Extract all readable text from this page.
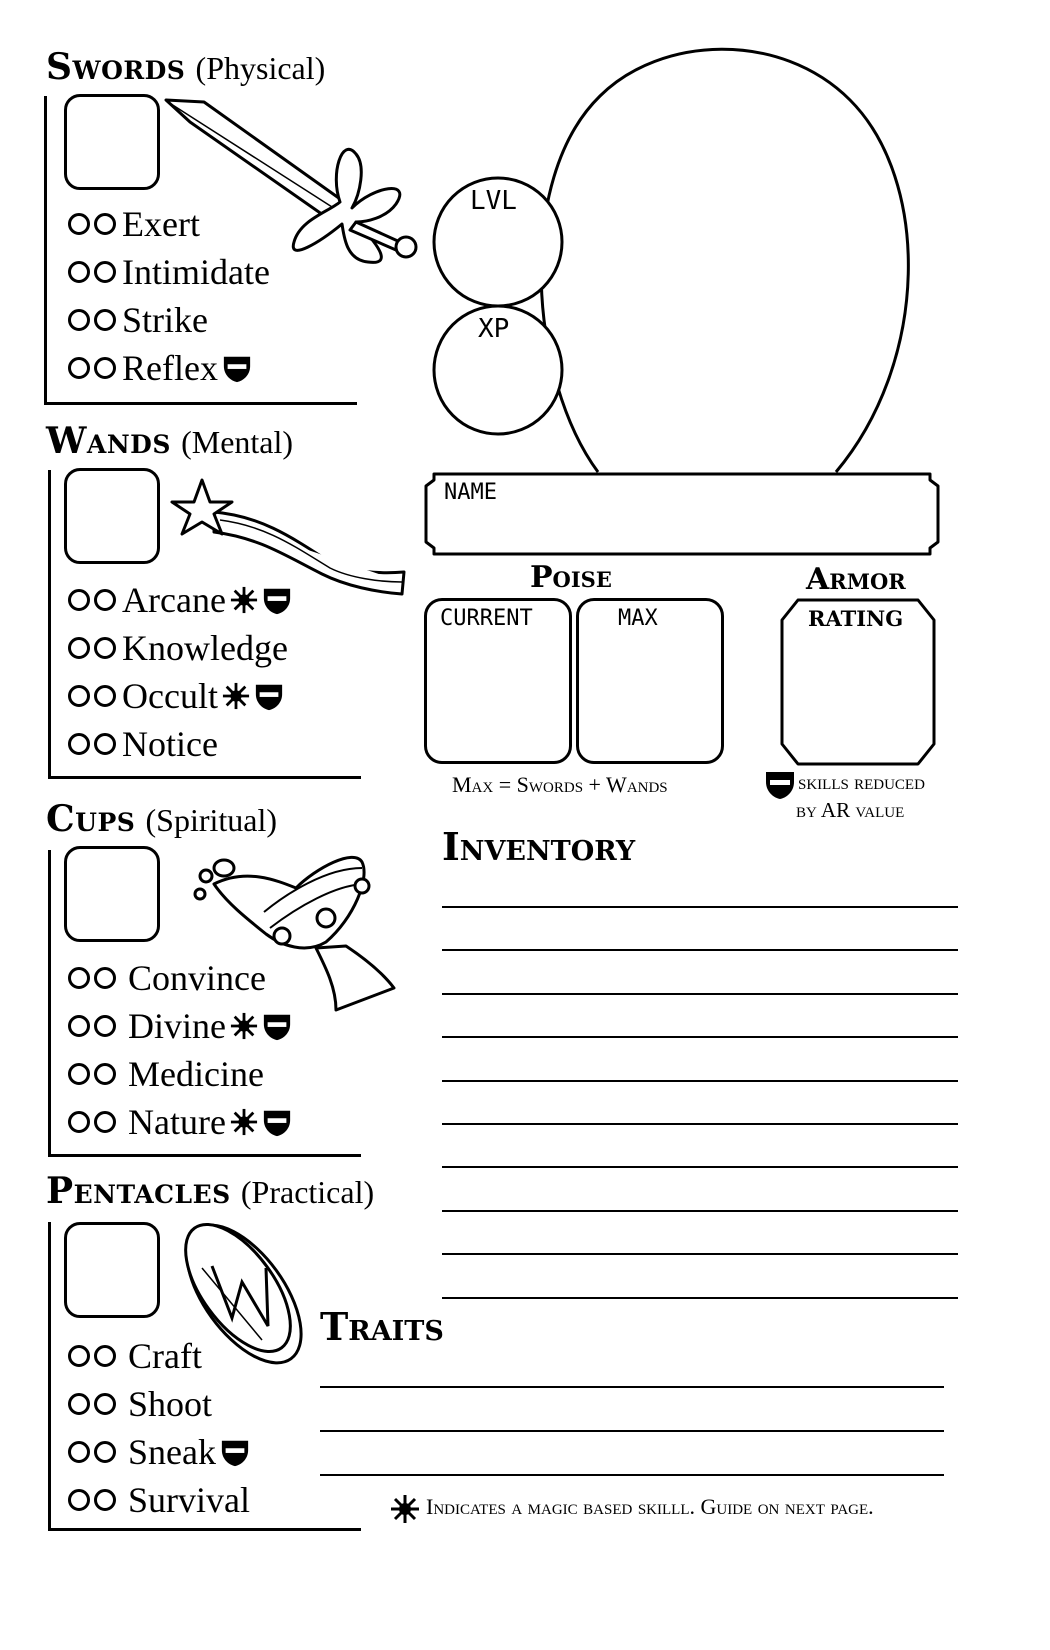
Swords (Physical)
Wands (Mental)
Cups (Spiritual)
Pentacles (Practical)
Exert
Intimidate
Strike
Reflex
Arcane
Knowledge
Occult
Notice
Convince
Divine
Medicine
Nature
Craft
Shoot
Sneak
Survival
LVL
XP
NAME
Poise
CURRENT	MAX
Max = Swords + Wands
Armor
RATING
skills reduced
by AR value
Inventory
Traits
Indicates a magic based skilll. Guide on next page.
